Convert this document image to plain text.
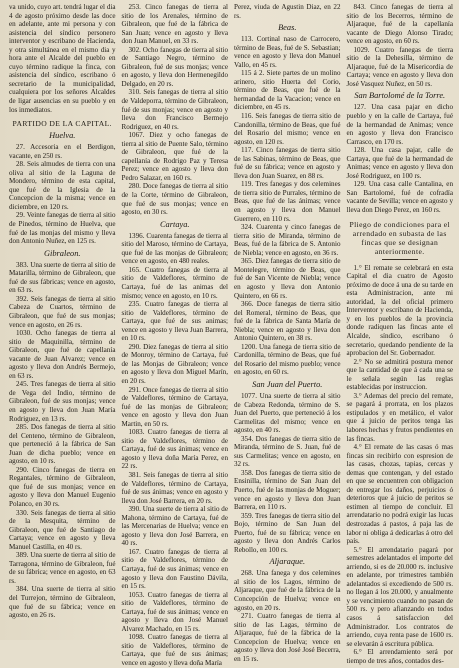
va unido, cuyo art. tendrá lugar el dia 4 de agosto próximo desde las doce en adelante, ante mi persona y con asistencia del síndico personero interventor y escribano de Hacienda, y otra simultánea en el mismo dia y hora ante el Alcalde del pueblo en cuyo término radique la finca, con asistencia del síndico, escribano ó secretario de la municipalidad, cualquiera por los señores Alcaldes de ligar ausencias en su pueblo y en los inmediatos.

PARTIDO DE LA CAPITAL.
Huelva.

27. Accesoria en el Berdigon, vacante, en 250 rs.

28. Seis almudes de tierra con una oliva al sitio de la Laguna de Mondero, término de esta capital, que fué de la Iglesia de la Concepcion de la misma; vence en diciembre, en 120 rs.

29. Veinte fanegas de tierra al sitio de Pinedos, término de Huelva, que fué de las monjas del mismo y lleva don Antonio Nuñez, en 125 rs.

Gibraleon.

383. Una suerte de tierra al sitio de Matarilla, término de Gibraleon, que fué de sus fábricas; vence en agosto, en 63 rs.

392. Seis fanegas de tierra al sitio Cabeza de Cuartos, término de Gibraleon, que fué de sus monjas; vence en agosto, en 26 rs.

1030. Ocho fanegas de tierra al sitio de Maquinilla, término de Gibraleon, que fué de capellanía vacante de Juan Alvarez; vence en agosto y lleva don Andrés Bermejo, en 63 rs.

245. Tres fanegas de tierra al sitio de Vega del Indio, término de Gibraleon, fué de sus monjas; vence en agosto y lleva don Juan María Rodriguez, en 13 rs.

285. Dos fanegas de tierra al sitio del Centeno, término de Gibraleon, que perteneció á la fábrica de San Juan de dicha pueblo; vence en agosto, en 10 rs.

290. Cinco fanegas de tierra en Regantales, término de Gibraleon, que fué de sus monjas; vence en agosto y lleva don Manuel Eugenio Polanco, en 30 rs.

330. Seis fanegas de tierra al sitio de la Mesquita, término de Gibraleon, que fué de Santiago de Cartaya; vence en agosto y lleva Manuel Castilla, en 40 rs.

389. Una suerte de tierra al sitio de Tarragona, término de Gibraleon, fué de su fábrica; vence en agosto, en 63 rs.

384. Una suerte de tierra al sitio del Turrejon, término de Gibraleon, que fué de su fábrica; vence en agosto, en 26 rs.

253. Cinco fanegas de tierra al sitio de los Arenales, término de Gibraleon, que fué de la fábrica de San Juan; vence en agosto y lleva don Juan Manuel, en 33 rs.

302. Ocho fanegas de tierra al sitio de Santiago Negro, término de Gibraleon, fué de sus monjas; vence en agosto, y lleva don Hermenegildo Delgado, en 20 rs.

310. Seis fanegas de tierra al sitio de Valdeporra, término de Gibraleon, fué de sus monjas; vence en agosto y lleva don Francisco Bermejo Rodriguez, en 40 rs.

1067. Diez y ocho fanegas de tierra al sitio de Puente Salo, término de Gibraleon, que fué de la capellanía de Rodrigo Paz y Teresa Perez; vence en agosto y lleva don Pedro Salazar, en 160 rs.

280. Doce fanegas de tierra al sitio de la Corte, término de Gibraleon, que fué de sus monjas; vence en agosto, en 30 rs.

Cartaya.

1396. Cuarenta fanegas de tierra al sitio del Maroso, término de Cartaya, que fué de las monjas de Gibraleon; vence en agosto, en 480 reales.

165. Cuatro fanegas de tierra al sitio de Valdeflores, término de Cartaya, fué de las animas del mismo; vence en agosto, en 10 rs.

235. Cuatro fanegas de tierra al sitio de Valdeflores, término de Cartaya, que fué de sus animas; vence en agosto y lleva Juan Barrera, en 10 rs.

290. Diez fanegas de tierra al sitio de Monroy, término de Cartaya, fué de las Monjas de Gibraleon; vence en agosto y lleva don Miguel Marín, en 20 rs.

291. Once fanegas de tierra al sitio de Valdeflores, término de Cartaya, fué de las monjas de Gibraleon; vence en agosto y lleva don Juan Martin, en 50 rs.

1083. Cuatro fanegas de tierra al sitio de Valdeflores, término de Cartaya, fué de sus ánimas; vence en agosto y lleva doña María Perez, en 22 rs.

381. Seis fanegas de tierra al sitio de Valdeflores, término de Cartaya, fué de sus ánimas; vence en agosto y lleva don José Barrera, en 20 rs.

390. Una suerte de tierra al sitio de Mahona, término de Cartaya, fué de las Mercenarias de Huelva; vence en agosto y lleva don José Barrera, en 40 rs.

167. Cuatro fanegas de tierra al sitio de Valdeflores, término de Cartaya, fué de sus ánimas; vence en agosto y lleva don Faustino Dávila, en 15 rs.

1053. Cuatro fanegas de tierra al sitio de Valdeflores, término de Cartaya, fué de sus ánimas; vence en agosto y lleva don José Manuel Alvarez Machado, en 15 rs.

1098. Cuatro fanegas de tierra al sitio de Valdeflores, término de Cartaya, que fué de sus ánimas; vence en agosto y lleva doña María

Perez, viuda de Agustin Diaz, en 22 rs.

Beas.

113. Cortinal naso de Carrocero, término de Beas, fué de S. Sebastian; vence en agosto y lleva don Manuel Vallo, en 45 rs.

115 á 2. Siete partes de un molino arinero, sitio Huerta del Corio, término de Beas, que fué de la hermandad de la Vacacion; vence en diciembre, en 45 rs.

116. Seis fanegas de tierra sitio de Candonilla, término de Beas, que fué del Rosario del mismo; vence en agosto, en 120 rs.

117. Cinco fanegas de tierra sitio de las Sabinas, término de Beas, que fué de su fábrica; vence en agosto y lleva don Juan Suarez, en 88 rs.

119. Tres fanegas y dos celemines de tierra sitio de Purrales, término de Beas, que fué de las ánimas; vence en agosto y lleva don Manuel Guerrero, en 110 rs.

324. Cuarenta y cinco fanegas de tierra sitio de Miranda, término de Beas, fué de la fábrica de S. Antonio de Niebla; vence en agosto, en 36 rs.

365. Diez fanegas de tierra sitio de Montelegre, término de Beas, que fué de San Vicente de Niebla; vence en agosto y lleva don Antonio Quintero, en 66 rs.

366. Doce fanegas de tierra sitio del Romeral, término de Beas, que fué de la fábrica de Santa María de Niebla; vence en agosto y lleva don Antonio Quintero, en 38 rs.

1200. Una fanega de tierra sitio de Cardonilla, término de Beas, que fué del Rosario del mismo pueblo; vence en agosto, en 60 rs.

San Juan del Puerto.

1077. Una suerte de tierra al sitio de Cabeza Redonda, término de S. Juan del Puerto, que perteneció á los Carmelitas del mismo; vence en agosto, en 40 rs.

354. Dos fanegas de tierra sitio de Miranda, término de S. Juan, fué de sus Carmelitas; vence en agosto, en 32 rs.

358. Dos fanegas de tierra sitio de Ensinilla, término de San Juan del Puerto, fué de las monjas de Moguer; vence en agosto y lleva don Juan Barrera, en 110 rs.

359. Tres fanegas de tierra sitio del Bojo, término de San Juan del Puerto, fué de su fábrica; vence en agosto y lleva don Andrés Carlos Rebollo, en 100 rs.

Aljaraque.

268. Una fanega y dos celemines al sitio de los Lagos, término de Aljaraque, que fué de la fábrica de la Concepción de Huelva; vence en agosto, en 20 rs.

271. Cuatro fanegas de tierra al sitio de las Lagas, término de Aljaraque, fué de la fábrica de la Concepcion de Huelva; vence en agosto y lleva don José José Becerra, en 15 rs.

843. Cinco fanegas de tierra al sitio de los Becerros, término de Aljaraque, fué de la capellanía vacante de Diego Alonso Tirado; vence en agosto, en 60 rs.

1029. Cuatro fanegas de tierra sitio de la Dehesilla, término de Aljaraque, fué de la Misericordia de Cartaya; vence en agosto y lleva don José Vasquez Nuñez, en 50 rs.

San Bartolomé de la Torre.

127. Una casa pajar en dicho pueblo y en la calle de Cartaya, fué de la hermandad de Animas; vence en agosto y lleva don Francisco Carrasco, en 170 rs.

128. Una casa pajar, calle de Cartaya, que fué de la hermandad de Animas; vence en agosto y lleva don José Rodriguez, en 100 rs.

129. Una casa calle Cantalina, en San Bartolomé, fué de cofradía vacante de Sevilla; vence en agosto y lleva don Diego Perez, en 160 rs.

Pliego de condiciones para el arrendado en subasta de las fincas que se designan anteriormente.

1.° El remate se celebrará en esta Capital el dia cuatro de Agosto próximo de doce á una de su tarde en esta Administracion, ante mi autoridad, la del oficial primero Interventor y escribano de Hacienda, y en los pueblos de la provincia donde radiquen las fincas ante el Alcalde, síndico, escribano ó secretario, quedando pendiente de la aprobacion del Sr. Gobernador.

2.° No se admitirá postura menor que la cantidad de que á cada una se le señala según las reglas establecidas por instruccion.

3.° Ademas del precio del remate, se pagará á prorrata, en los plazos estipulados y en metálico, el valor que á juicio de peritos tenga las labores hechas y frutos pendientes en las fincas.

4.° El remate de las casas ó mas fincas sin recibirlo con espresion de las casas, chozas, tapias, cercas y demas que contengan, y del estado en que se encuentren con obligacion de entregar los daños, perjuicios ó deterioros que á juicio de peritos se estimen al tiempo de concluir. El arrendatario no podrá exigir las lucas destrozadas á pastos, á paja las de labor ni obliga á dedicarlas á otro del país.

5.° El arrendatario pagará por semestres adelantados el importe del arriendo, si es de 20.000 rs. inclusive en adelante, por trimestres también adelantados si excediendo de 500 rs. no llegan á los 20.000, y anualmente y se vencimiento cuando no pasan de 500 rs. y pero afianzando en todos casos á satisfaccion del Administrador. Los contratos de arriendo, cuya renta pase de 1600 rs. se elevarán á escritura pública.

6.° El arrendamiento será por tiempo de tres años, contados des-
